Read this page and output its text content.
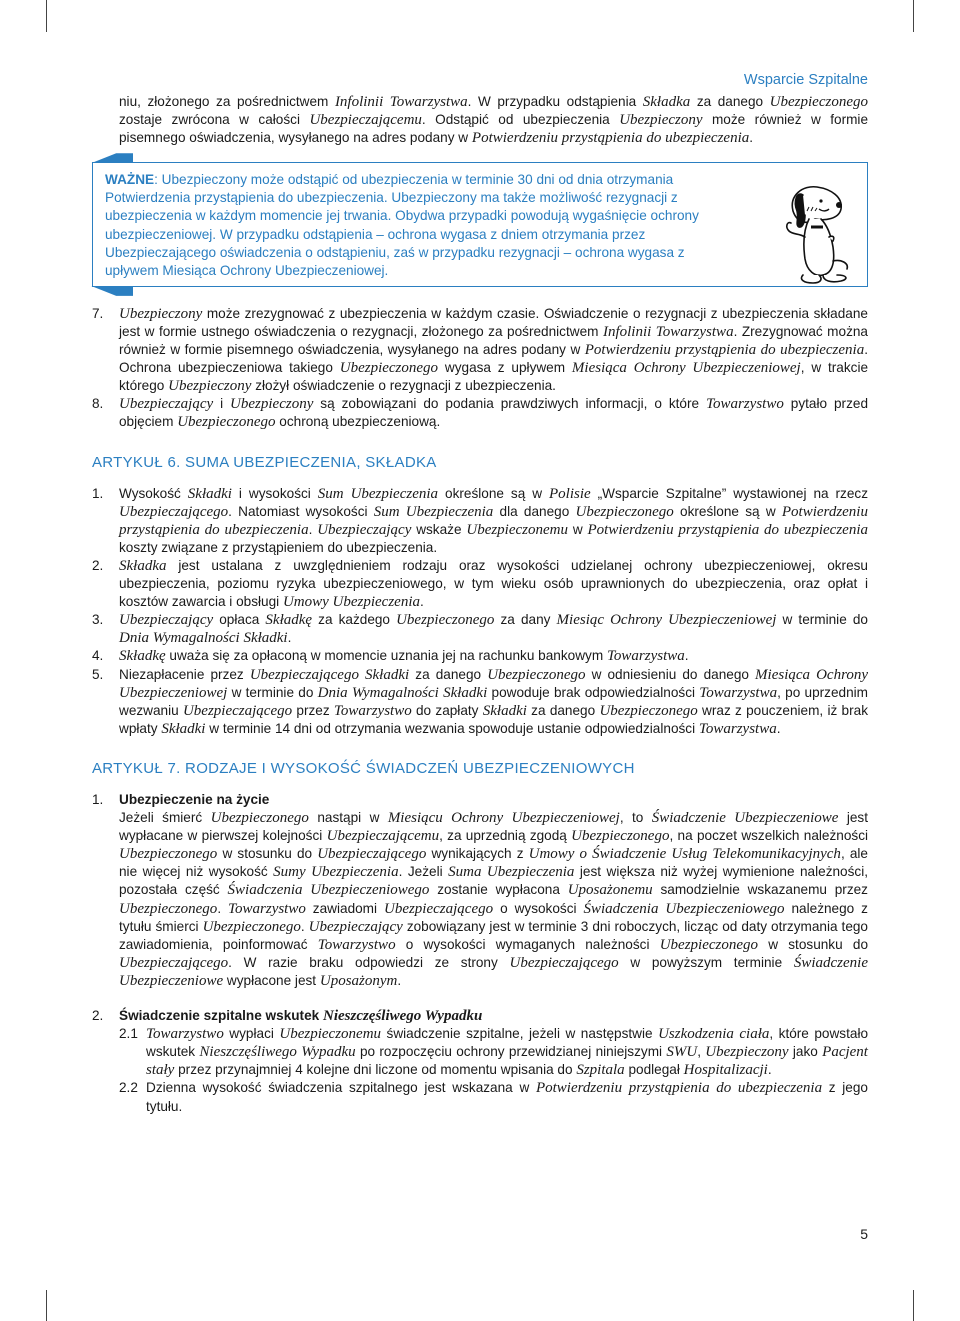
Wsparcie Szpitalne

niu, złożonego za pośrednictwem Infolinii Towarzystwa. W przypadku odstąpienia Składka za danego Ubezpieczonego zostaje zwrócona w całości Ubezpieczającemu. Odstąpić od ubezpieczenia Ubezpieczony może również w formie pisemnego oświadczenia, wysyłanego na adres podany w Potwierdzeniu przystąpienia do ubezpieczenia.

WAŻNE: Ubezpieczony może odstąpić od ubezpieczenia w terminie 30 dni od dnia otrzymania Potwierdzenia przystąpienia do ubezpieczenia. Ubezpieczony ma także możliwość rezygnacji z ubezpieczenia w każdym momencie jej trwania. Obydwa przypadki powodują wygaśnięcie ochrony ubezpieczeniowej. W przypadku odstąpienia – ochrona wygasa z dniem otrzymania przez Ubezpieczającego oświadczenia o odstąpieniu, zaś w przypadku rezygnacji – ochrona wygasa z upływem Miesiąca Ochrony Ubezpieczeniowej.
7. Ubezpieczony może zrezygnować z ubezpieczenia w każdym czasie. Oświadczenie o rezygnacji z ubezpieczenia składane jest w formie ustnego oświadczenia o rezygnacji, złożonego za pośrednictwem Infolinii Towarzystwa. Zrezygnować można również w formie pisemnego oświadczenia, wysyłanego na adres podany w Potwierdzeniu przystąpienia do ubezpieczenia. Ochrona ubezpieczeniowa takiego Ubezpieczonego wygasa z upływem Miesiąca Ochrony Ubezpieczeniowej, w trakcie którego Ubezpieczony złożył oświadczenie o rezygnacji z ubezpieczenia.
8. Ubezpieczający i Ubezpieczony są zobowiązani do podania prawdziwych informacji, o które Towarzystwo pytało przed objęciem Ubezpieczonego ochroną ubezpieczeniową.
ARTYKUŁ 6. SUMA UBEZPIECZENIA, SKŁADKA
1. Wysokość Składki i wysokości Sum Ubezpieczenia określone są w Polisie „Wsparcie Szpitalne” wystawionej na rzecz Ubezpieczającego. Natomiast wysokości Sum Ubezpieczenia dla danego Ubezpieczonego określone są w Potwierdzeniu przystąpienia do ubezpieczenia. Ubezpieczający wskaże Ubezpieczonemu w Potwierdzeniu przystąpienia do ubezpieczenia koszty związane z przystąpieniem do ubezpieczenia.
2. Składka jest ustalana z uwzględnieniem rodzaju oraz wysokości udzielanej ochrony ubezpieczeniowej, okresu ubezpieczenia, poziomu ryzyka ubezpieczeniowego, w tym wieku osób uprawnionych do ubezpieczenia, oraz opłat i kosztów zawarcia i obsługi Umowy Ubezpieczenia.
3. Ubezpieczający opłaca Składkę za każdego Ubezpieczonego za dany Miesiąc Ochrony Ubezpieczeniowej w terminie do Dnia Wymagalności Składki.
4. Składkę uważa się za opłaconą w momencie uznania jej na rachunku bankowym Towarzystwa.
5. Niezapłacenie przez Ubezpieczającego Składki za danego Ubezpieczonego w odniesieniu do danego Miesiąca Ochrony Ubezpieczeniowej w terminie do Dnia Wymagalności Składki powoduje brak odpowiedzialności Towarzystwa, po uprzednim wezwaniu Ubezpieczającego przez Towarzystwo do zapłaty Składki za danego Ubezpieczonego wraz z pouczeniem, iż brak wpłaty Składki w terminie 14 dni od otrzymania wezwania spowoduje ustanie odpowiedzialności Towarzystwa.
ARTYKUŁ 7. RODZAJE I WYSOKOŚĆ ŚWIADCZEŃ UBEZPIECZENIOWYCH
1. Ubezpieczenie na życie
Jeżeli śmierć Ubezpieczonego nastąpi w Miesiącu Ochrony Ubezpieczeniowej, to Świadczenie Ubezpieczeniowe jest wypłacane w pierwszej kolejności Ubezpieczającemu, za uprzednią zgodą Ubezpieczonego, na poczet wszelkich należności Ubezpieczonego w stosunku do Ubezpieczającego wynikających z Umowy o Świadczenie Usług Telekomunikacyjnych, ale nie więcej niż wysokość Sumy Ubezpieczenia. Jeżeli Suma Ubezpieczenia jest większa niż wyżej wymienione należności, pozostała część Świadczenia Ubezpieczeniowego zostanie wypłacona Uposażonemu samodzielnie wskazanemu przez Ubezpieczonego. Towarzystwo zawiadomi Ubezpieczającego o wysokości Świadczenia Ubezpieczeniowego należnego z tytułu śmierci Ubezpieczonego. Ubezpieczający zobowiązany jest w terminie 3 dni roboczych, licząc od daty otrzymania tego zawiadomienia, poinformować Towarzystwo o wysokości wymaganych należności Ubezpieczonego w stosunku do Ubezpieczającego. W razie braku odpowiedzi ze strony Ubezpieczającego w powyższym terminie Świadczenie Ubezpieczeniowe wypłacone jest Uposażonym.
2. Świadczenie szpitalne wskutek Nieszczęśliwego Wypadku
2.1 Towarzystwo wypłaci Ubezpieczonemu świadczenie szpitalne, jeżeli w następstwie Uszkodzenia ciała, które powstało wskutek Nieszczęśliwego Wypadku po rozpoczęciu ochrony przewidzianej niniejszymi SWU, Ubezpieczony jako Pacjent stały przez przynajmniej 4 kolejne dni liczone od momentu wpisania do Szpitala podlegał Hospitalizacji.
2.2 Dzienna wysokość świadczenia szpitalnego jest wskazana w Potwierdzeniu przystąpienia do ubezpieczenia z jego tytułu.
5
